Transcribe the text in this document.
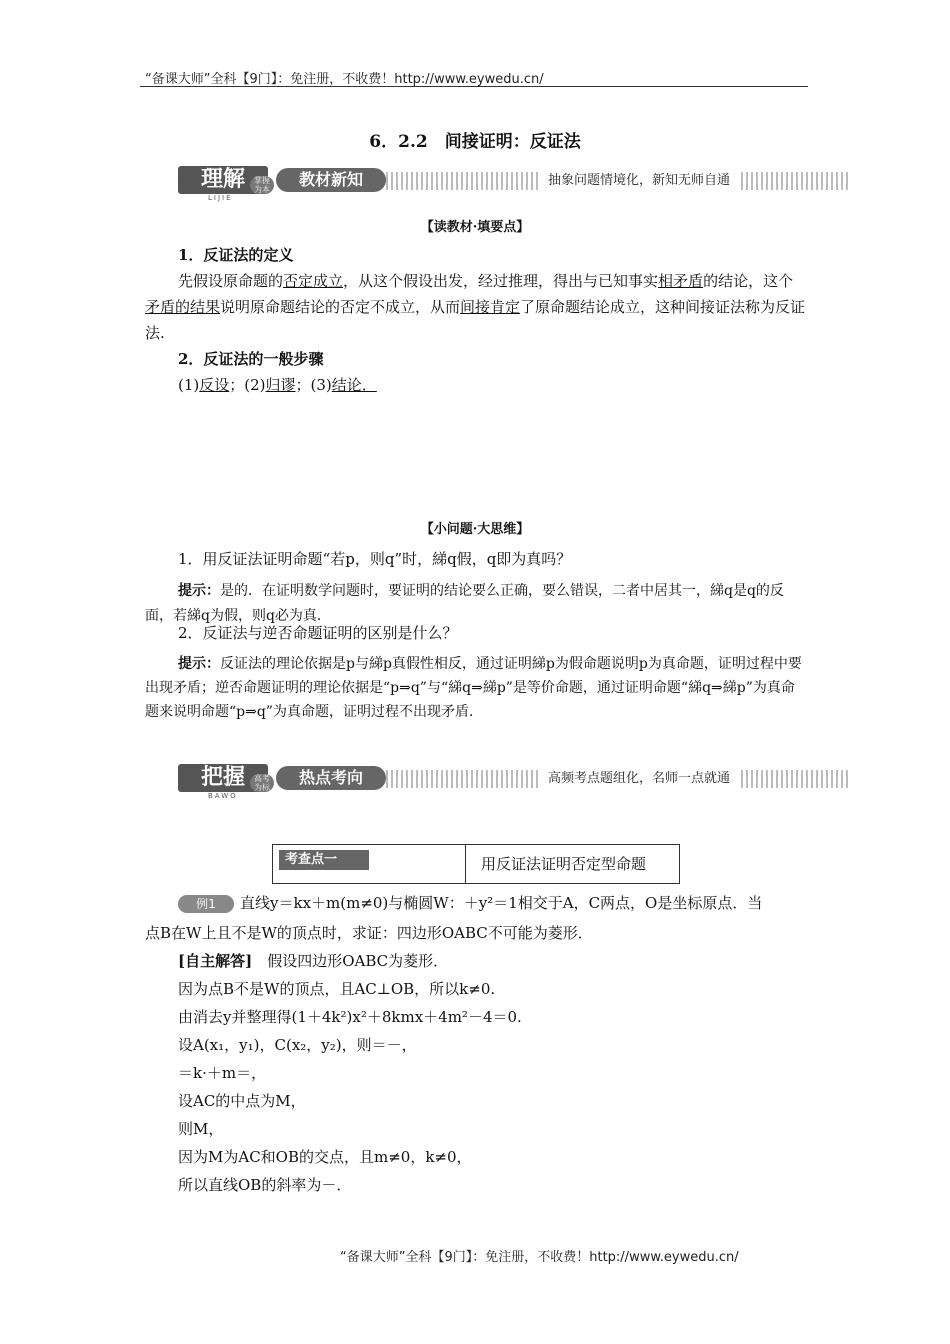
“备课大师”全科【9门】：免注册，不收费！http://www.eywedu.cn/
6．2.2　间接证明：反证法
理解	掌握 为本
教材新知
LIJIE
抽象问题情境化，新知无师自通
【读教材·填要点】
1．反证法的定义
先假设原命题的否定成立，从这个假设出发，经过推理，得出与已知事实相矛盾的结论，这个矛盾的结果说明原命题结论的否定不成立，从而间接肯定了原命题结论成立，这种间接证法称为反证法.
2．反证法的一般步骤
(1)反设；(2)归谬；(3)结论．
【小问题·大思维】
1．用反证法证明命题“若p，则q”时，綈q假，q即为真吗？
提示：是的．在证明数学问题时，要证明的结论要么正确，要么错误，二者中居其一，綈q是q的反面，若綈q为假，则q必为真．
2．反证法与逆否命题证明的区别是什么？
提示：反证法的理论依据是p与綈p真假性相反，通过证明綈p为假命题说明p为真命题，证明过程中要出现矛盾；逆否命题证明的理论依据是“p⇒q”与“綈q⇒綈p”是等价命题，通过证明命题“綈q⇒綈p”为真命题来说明命题“p⇒q”为真命题，证明过程不出现矛盾．
把握	高考 为标
热点考向
BAWO
高频考点题组化，名师一点就通
考查点一	用反证法证明否定型命题
例1 直线y＝kx＋m(m≠0)与椭圆W：＋y²＝1相交于A，C两点，O是坐标原点．当
点B在W上且不是W的顶点时，求证：四边形OABC不可能为菱形．
[自主解答]　 假设四边形OABC为菱形．
因为点B不是W的顶点，且AC⊥OB，所以k≠0.
由消去y并整理得(1＋4k²)x²＋8kmx＋4m²－4＝0.
设A(x₁，y₁)，C(x₂，y₂)，则＝－，
＝k·＋m＝，
设AC的中点为M，
则M，
因为M为AC和OB的交点，且m≠0，k≠0，
所以直线OB的斜率为－．
“备课大师”全科【9门】：免注册，不收费！http://www.eywedu.cn/
